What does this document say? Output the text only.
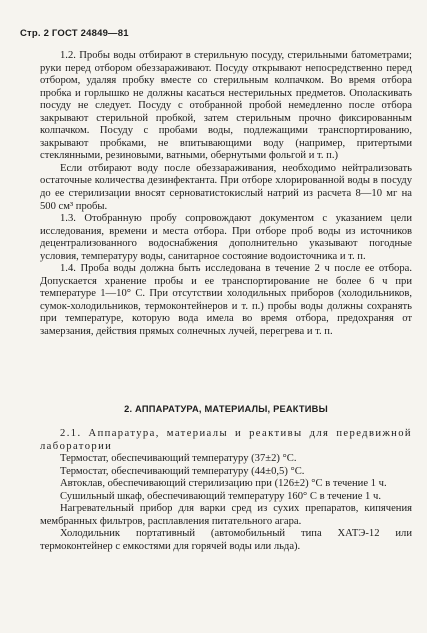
Стр. 2 ГОСТ 24849—81

1.2. Пробы воды отбирают в стерильную посуду, стерильными батометрами; руки перед отбором обеззараживают. Посуду открывают непосредственно перед отбором, удаляя пробку вместе со стерильным колпачком. Во время отбора пробка и горлышко не должны касаться нестерильных предметов. Ополаскивать посуду не следует. Посуду с отобранной пробой немедленно после отбора закрывают стерильной пробкой, затем стерильным прочно фиксированным колпачком. Посуду с пробами воды, подлежащими транспортированию, закрывают пробками, не впитывающими воду (например, притертыми стеклянными, резиновыми, ватными, обернутыми фольгой и т. п.)

Если отбирают воду после обеззараживания, необходимо нейтрализовать остаточные количества дезинфектанта. При отборе хлорированной воды в посуду до ее стерилизации вносят серноватистокислый натрий из расчета 8—10 мг на 500 см³ пробы.

1.3. Отобранную пробу сопровождают документом с указанием цели исследования, времени и места отбора. При отборе проб воды из источников децентрализованного водоснабжения дополнительно указывают погодные условия, температуру воды, санитарное состояние водоисточника и т. п.

1.4. Проба воды должна быть исследована в течение 2 ч после ее отбора. Допускается хранение пробы и ее транспортирование не более 6 ч при температуре 1—10° С. При отсутствии холодильных приборов (холодильников, сумок-холодильников, термоконтейнеров и т. п.) пробы воды должны сохранять при температуре, которую вода имела во время отбора, предохраняя от замерзания, действия прямых солнечных лучей, перегрева и т. п.

2. АППАРАТУРА, МАТЕРИАЛЫ, РЕАКТИВЫ

2.1. Аппаратура, материалы и реактивы для передвижной лаборатории

Термостат, обеспечивающий температуру (37±2) °С.

Термостат, обеспечивающий температуру (44±0,5) °С.

Автоклав, обеспечивающий стерилизацию при (126±2) °С в течение 1 ч.

Сушильный шкаф, обеспечивающий температуру 160° С в течение 1 ч.

Нагревательный прибор для варки сред из сухих препаратов, кипячения мембранных фильтров, расплавления питательного агара.

Холодильник портативный (автомобильный типа ХАТЭ-12 или термоконтейнер с емкостями для горячей воды или льда).
